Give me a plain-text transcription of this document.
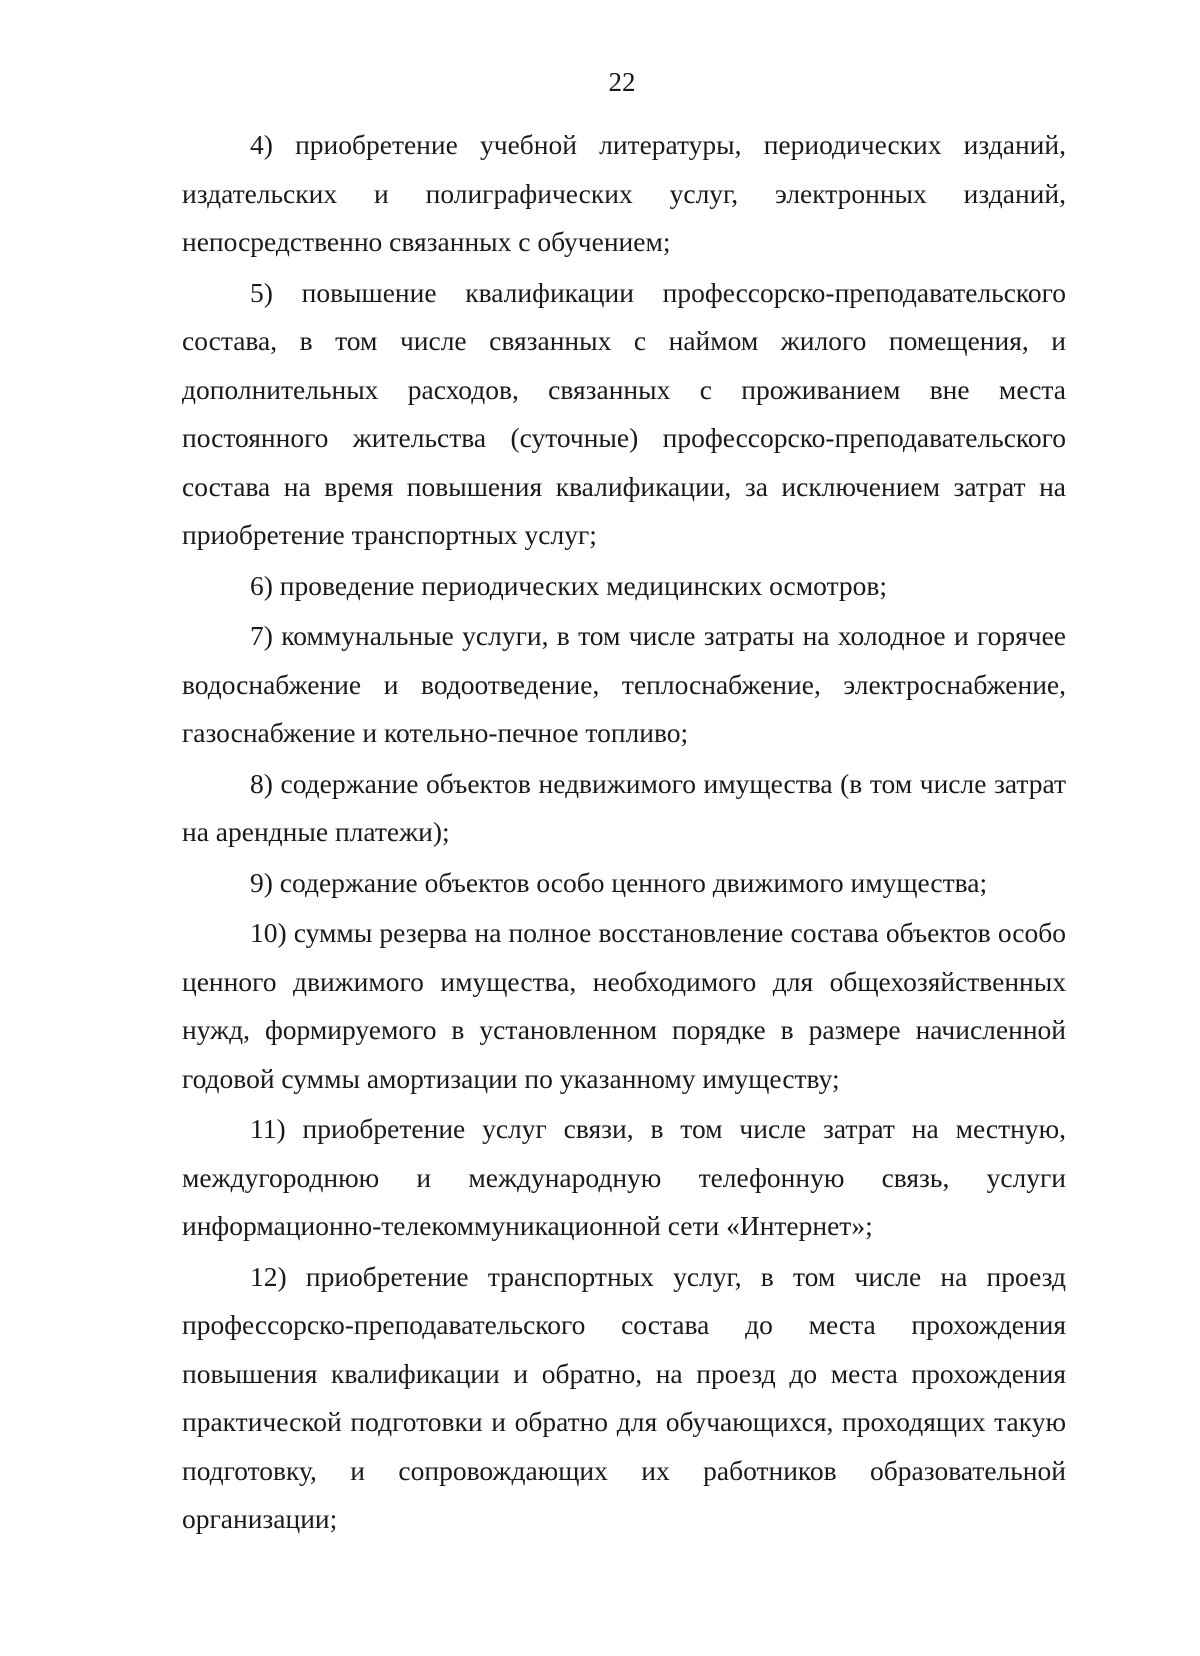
22

4) приобретение учебной литературы, периодических изданий, издательских и полиграфических услуг, электронных изданий, непосредственно связанных с обучением;

5) повышение квалификации профессорско-преподавательского состава, в том числе связанных с наймом жилого помещения, и дополнительных расходов, связанных с проживанием вне места постоянного жительства (суточные) профессорско-преподавательского состава на время повышения квалификации, за исключением затрат на приобретение транспортных услуг;

6) проведение периодических медицинских осмотров;

7) коммунальные услуги, в том числе затраты на холодное и горячее водоснабжение и водоотведение, теплоснабжение, электроснабжение, газоснабжение и котельно-печное топливо;

8) содержание объектов недвижимого имущества (в том числе затрат на арендные платежи);

9) содержание объектов особо ценного движимого имущества;

10) суммы резерва на полное восстановление состава объектов особо ценного движимого имущества, необходимого для общехозяйственных нужд, формируемого в установленном порядке в размере начисленной годовой суммы амортизации по указанному имуществу;

11) приобретение услуг связи, в том числе затрат на местную, междугороднюю и международную телефонную связь, услуги информационно-телекоммуникационной сети «Интернет»;

12) приобретение транспортных услуг, в том числе на проезд профессорско-преподавательского состава до места прохождения повышения квалификации и обратно, на проезд до места прохождения практической подготовки и обратно для обучающихся, проходящих такую подготовку, и сопровождающих их работников образовательной организации;
